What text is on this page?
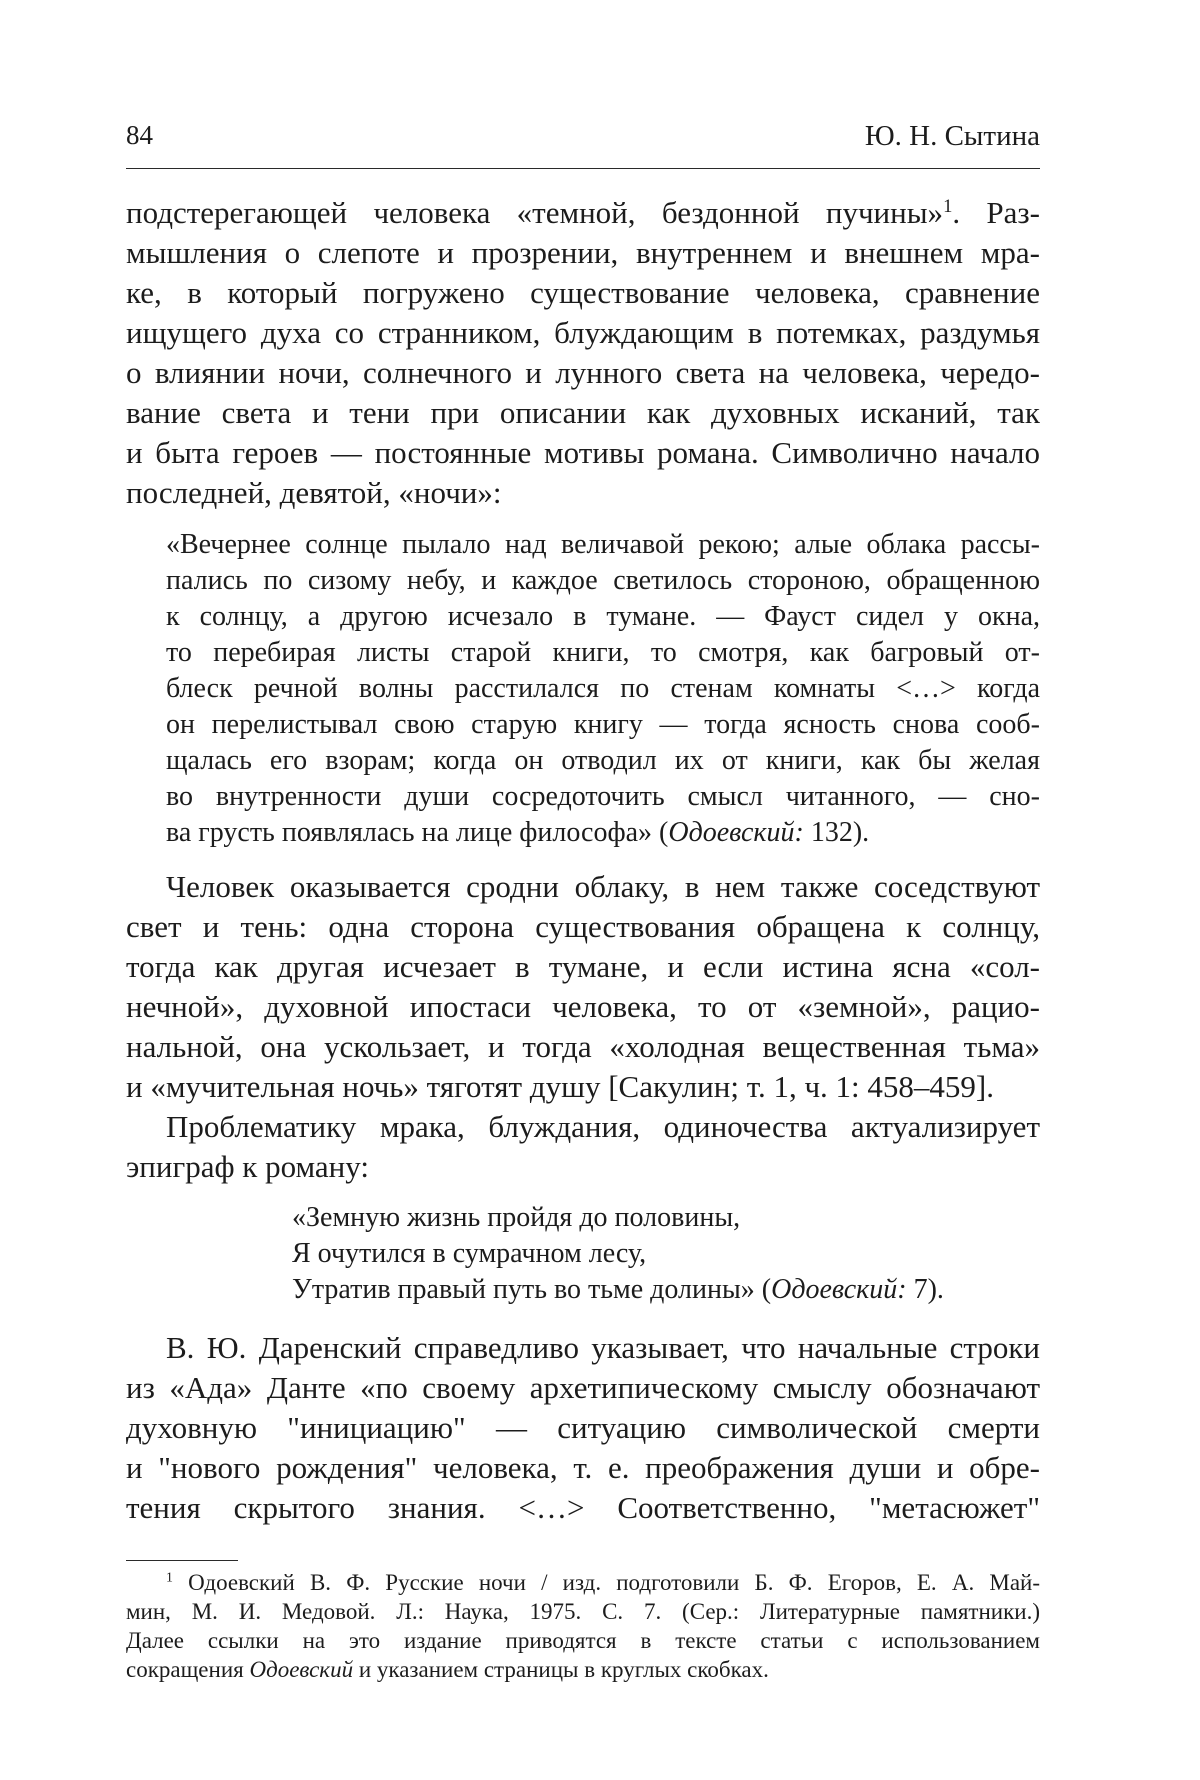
84	Ю. Н. Сытина
подстерегающей человека «темной, бездонной пучины»$^1$. Раз-
мышления о слепоте и прозрении, внутреннем и внешнем мра-
ке, в который погружено существование человека, сравнение
ищущего духа со странником, блуждающим в потемках, раздумья
о влиянии ночи, солнечного и лунного света на человека, чередо-
вание света и тени при описании как духовных исканий, так
и быта героев — постоянные мотивы романа. Символично начало
последней, девятой, «ночи»:
«Вечернее солнце пылало над величавой рекою; алые облака рассы-
пались по сизому небу, и каждое светилось стороною, обращенною
к солнцу, а другою исчезало в тумане. — Фауст сидел у окна,
то перебирая листы старой книги, то смотря, как багровый от-
блеск речной волны расстилался по стенам комнаты <…> когда
он перелистывал свою старую книгу — тогда ясность снова сооб-
щалась его взорам; когда он отводил их от книги, как бы желая
во внутренности души сосредоточить смысл читанного, — сно-
ва грусть появлялась на лице философа» (Одоевский: 132).
Человек оказывается сродни облаку, в нем также соседствуют
свет и тень: одна сторона существования обращена к солнцу,
тогда как другая исчезает в тумане, и если истина ясна «сол-
нечной», духовной ипостаси человека, то от «земной», рацио-
нальной, она ускользает, и тогда «холодная вещественная тьма»
и «мучительная ночь» тяготят душу [Сакулин; т. 1, ч. 1: 458–459].
Проблематику мрака, блуждания, одиночества актуализирует
эпиграф к роману:
«Земную жизнь пройдя до половины,
Я очутился в сумрачном лесу,
Утратив правый путь во тьме долины» (Одоевский: 7).
В. Ю. Даренский справедливо указывает, что начальные строки
из «Ада» Данте «по своему архетипическому смыслу обозначают
духовную "инициацию" — ситуацию символической смерти
и "нового рождения" человека, т. е. преображения души и обре-
тения скрытого знания. <…> Соответственно, "метасюжет"
$^1$ Одоевский В. Ф. Русские ночи / изд. подготовили Б. Ф. Егоров, Е. А. Май-
мин, М. И. Медовой. Л.: Наука, 1975. С. 7. (Сер.: Литературные памятники.)
Далее ссылки на это издание приводятся в тексте статьи с использованием
сокращения Одоевский и указанием страницы в круглых скобках.
